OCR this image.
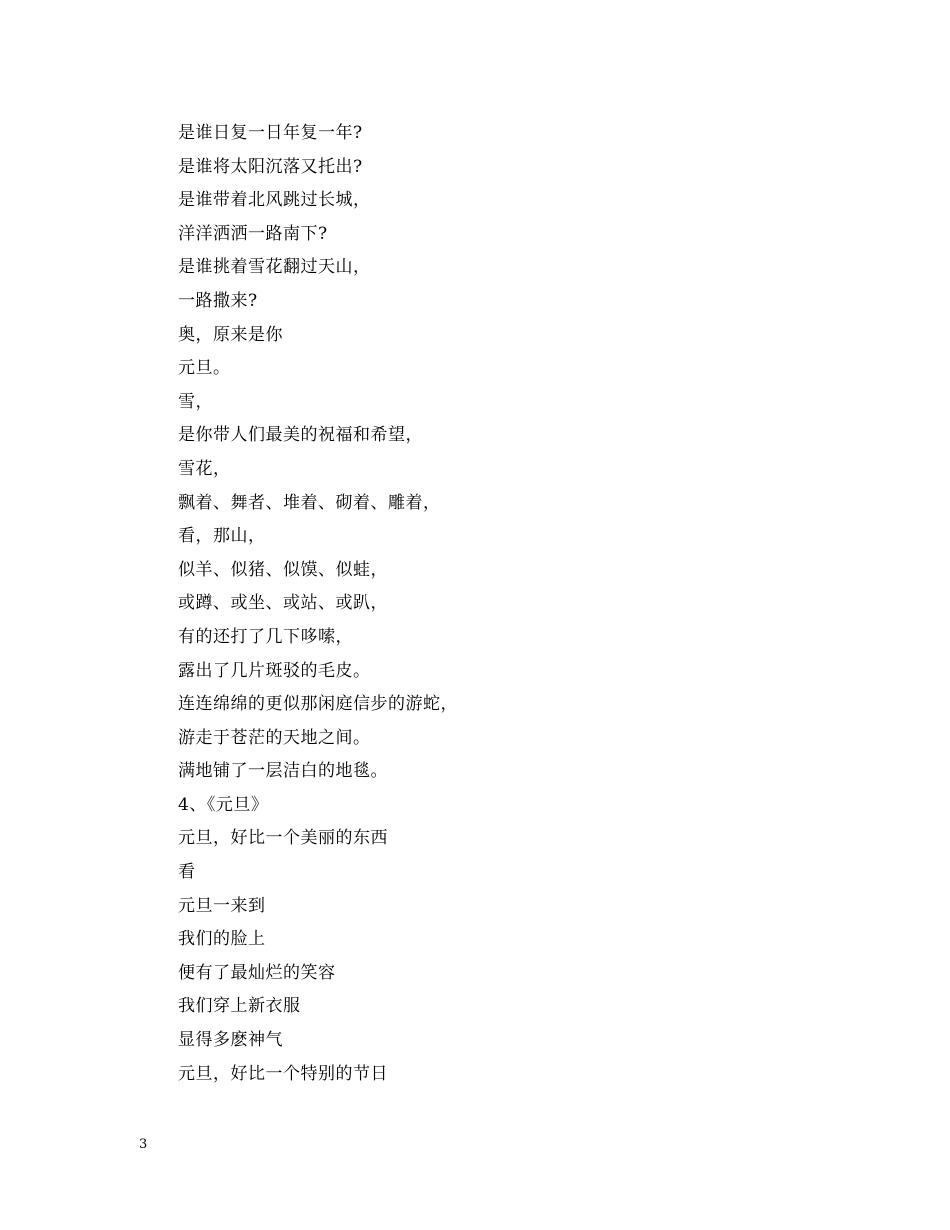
是谁日复一日年复一年?
是谁将太阳沉落又托出?
是谁带着北风跳过长城，
洋洋洒洒一路南下?
是谁挑着雪花翻过天山，
一路撒来?
奥，原来是你
元旦。
雪，
是你带人们最美的祝福和希望，
雪花，
飘着、舞者、堆着、砌着、雕着，
看，那山，
似羊、似猪、似馍、似蛙，
或蹲、或坐、或站、或趴，
有的还打了几下哆嗦，
露出了几片斑驳的毛皮。
连连绵绵的更似那闲庭信步的游蛇，
游走于苍茫的天地之间。
满地铺了一层洁白的地毯。
4、《元旦》
元旦，好比一个美丽的东西
看
元旦一来到
我们的脸上
便有了最灿烂的笑容
我们穿上新衣服
显得多麽神气
元旦，好比一个特别的节日
3
